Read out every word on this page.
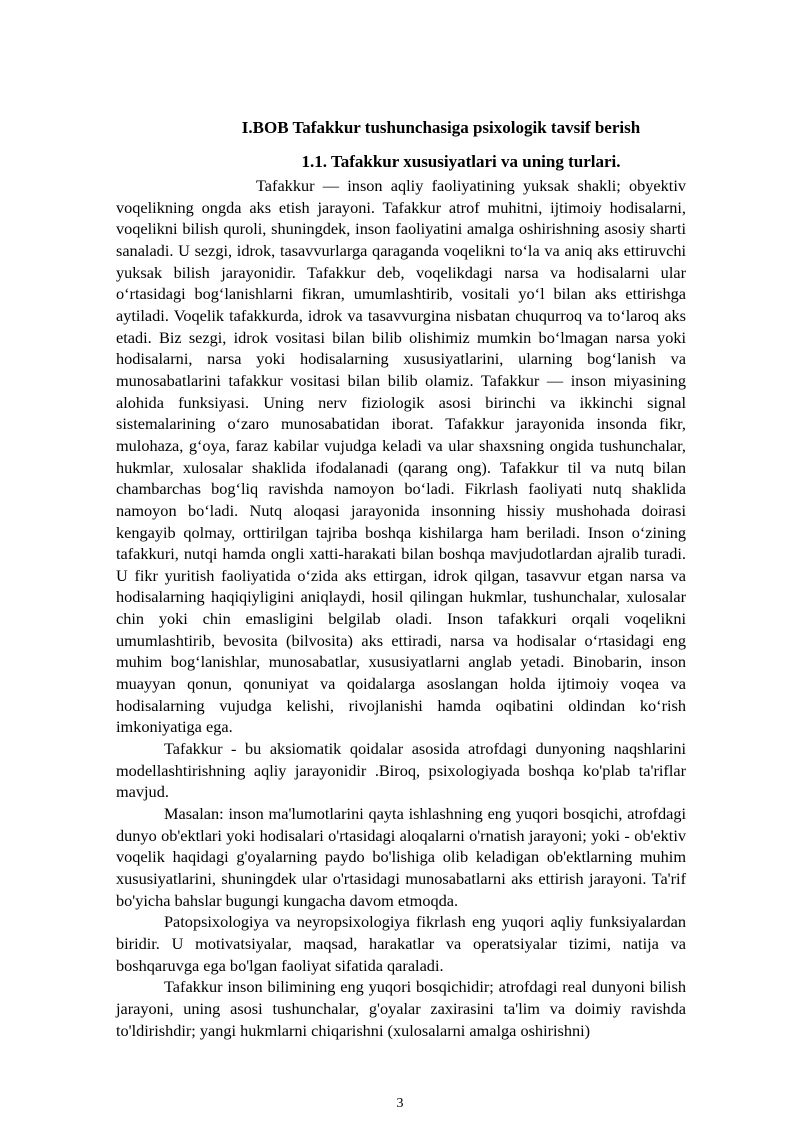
I.BOB Tafakkur tushunchasiga psixologik tavsif berish
1.1. Tafakkur xususiyatlari va uning turlari.

Tafakkur — inson aqliy faoliyatining yuksak shakli; obyektiv voqelikning ongda aks etish jarayoni. Tafakkur atrof muhitni, ijtimoiy hodisalarni, voqelikni bilish quroli, shuningdek, inson faoliyatini amalga oshirishning asosiy sharti sanaladi. U sezgi, idrok, tasavvurlarga qaraganda voqelikni to‘la va aniq aks ettiruvchi yuksak bilish jarayonidir. Tafakkur deb, voqelikdagi narsa va hodisalarni ular o‘rtasidagi bog‘lanishlarni fikran, umumlashtirib, vositali yo‘l bilan aks ettirishga aytiladi. Voqelik tafakkurda, idrok va tasavvurgina nisbatan chuqurroq va to‘laroq aks etadi. Biz sezgi, idrok vositasi bilan bilib olishimiz mumkin bo‘lmagan narsa yoki hodisalarni, narsa yoki hodisalarning xususiyatlarini, ularning bog‘lanish va munosabatlarini tafakkur vositasi bilan bilib olamiz. Tafakkur — inson miyasining alohida funksiyasi. Uning nerv fiziologik asosi birinchi va ikkinchi signal sistemalarining o‘zaro munosabatidan iborat. Tafakkur jarayonida insonda fikr, mulohaza, g‘oya, faraz kabilar vujudga keladi va ular shaxsning ongida tushunchalar, hukmlar, xulosalar shaklida ifodalanadi (qarang ong). Tafakkur til va nutq bilan chambarchas bog‘liq ravishda namoyon bo‘ladi. Fikrlash faoliyati nutq shaklida namoyon bo‘ladi. Nutq aloqasi jarayonida insonning hissiy mushohada doirasi kengayib qolmay, orttirilgan tajriba boshqa kishilarga ham beriladi. Inson o‘zining tafakkuri, nutqi hamda ongli xatti-harakati bilan boshqa mavjudotlardan ajralib turadi. U fikr yuritish faoliyatida o‘zida aks ettirgan, idrok qilgan, tasavvur etgan narsa va hodisalarning haqiqiyligini aniqlaydi, hosil qilingan hukmlar, tushunchalar, xulosalar chin yoki chin emasligini belgilab oladi. Inson tafakkuri orqali voqelikni umumlashtirib, bevosita (bilvosita) aks ettiradi, narsa va hodisalar o‘rtasidagi eng muhim bog‘lanishlar, munosabatlar, xususiyatlarni anglab yetadi. Binobarin, inson muayyan qonun, qonuniyat va qoidalarga asoslangan holda ijtimoiy voqea va hodisalarning vujudga kelishi, rivojlanishi hamda oqibatini oldindan ko‘rish imkoniyatiga ega.

Tafakkur - bu aksiomatik qoidalar asosida atrofdagi dunyoning naqshlarini modellashtirishning aqliy jarayonidir .Biroq, psixologiyada boshqa ko'plab ta'riflar mavjud.

Masalan: inson ma'lumotlarini qayta ishlashning eng yuqori bosqichi, atrofdagi dunyo ob'ektlari yoki hodisalari o'rtasidagi aloqalarni o'rnatish jarayoni; yoki - ob'ektiv voqelik haqidagi g'oyalarning paydo bo'lishiga olib keladigan ob'ektlarning muhim xususiyatlarini, shuningdek ular o'rtasidagi munosabatlarni aks ettirish jarayoni. Ta'rif bo'yicha bahslar bugungi kungacha davom etmoqda.

Patopsixologiya va neyropsixologiya fikrlash eng yuqori aqliy funksiyalardan biridir. U motivatsiyalar, maqsad, harakatlar va operatsiyalar tizimi, natija va boshqaruvga ega bo'lgan faoliyat sifatida qaraladi.

Tafakkur inson bilimining eng yuqori bosqichidir; atrofdagi real dunyoni bilish jarayoni, uning asosi tushunchalar, g'oyalar zaxirasini ta'lim va doimiy ravishda to'ldirishdir; yangi hukmlarni chiqarishni (xulosalarni amalga oshirishni)

3
